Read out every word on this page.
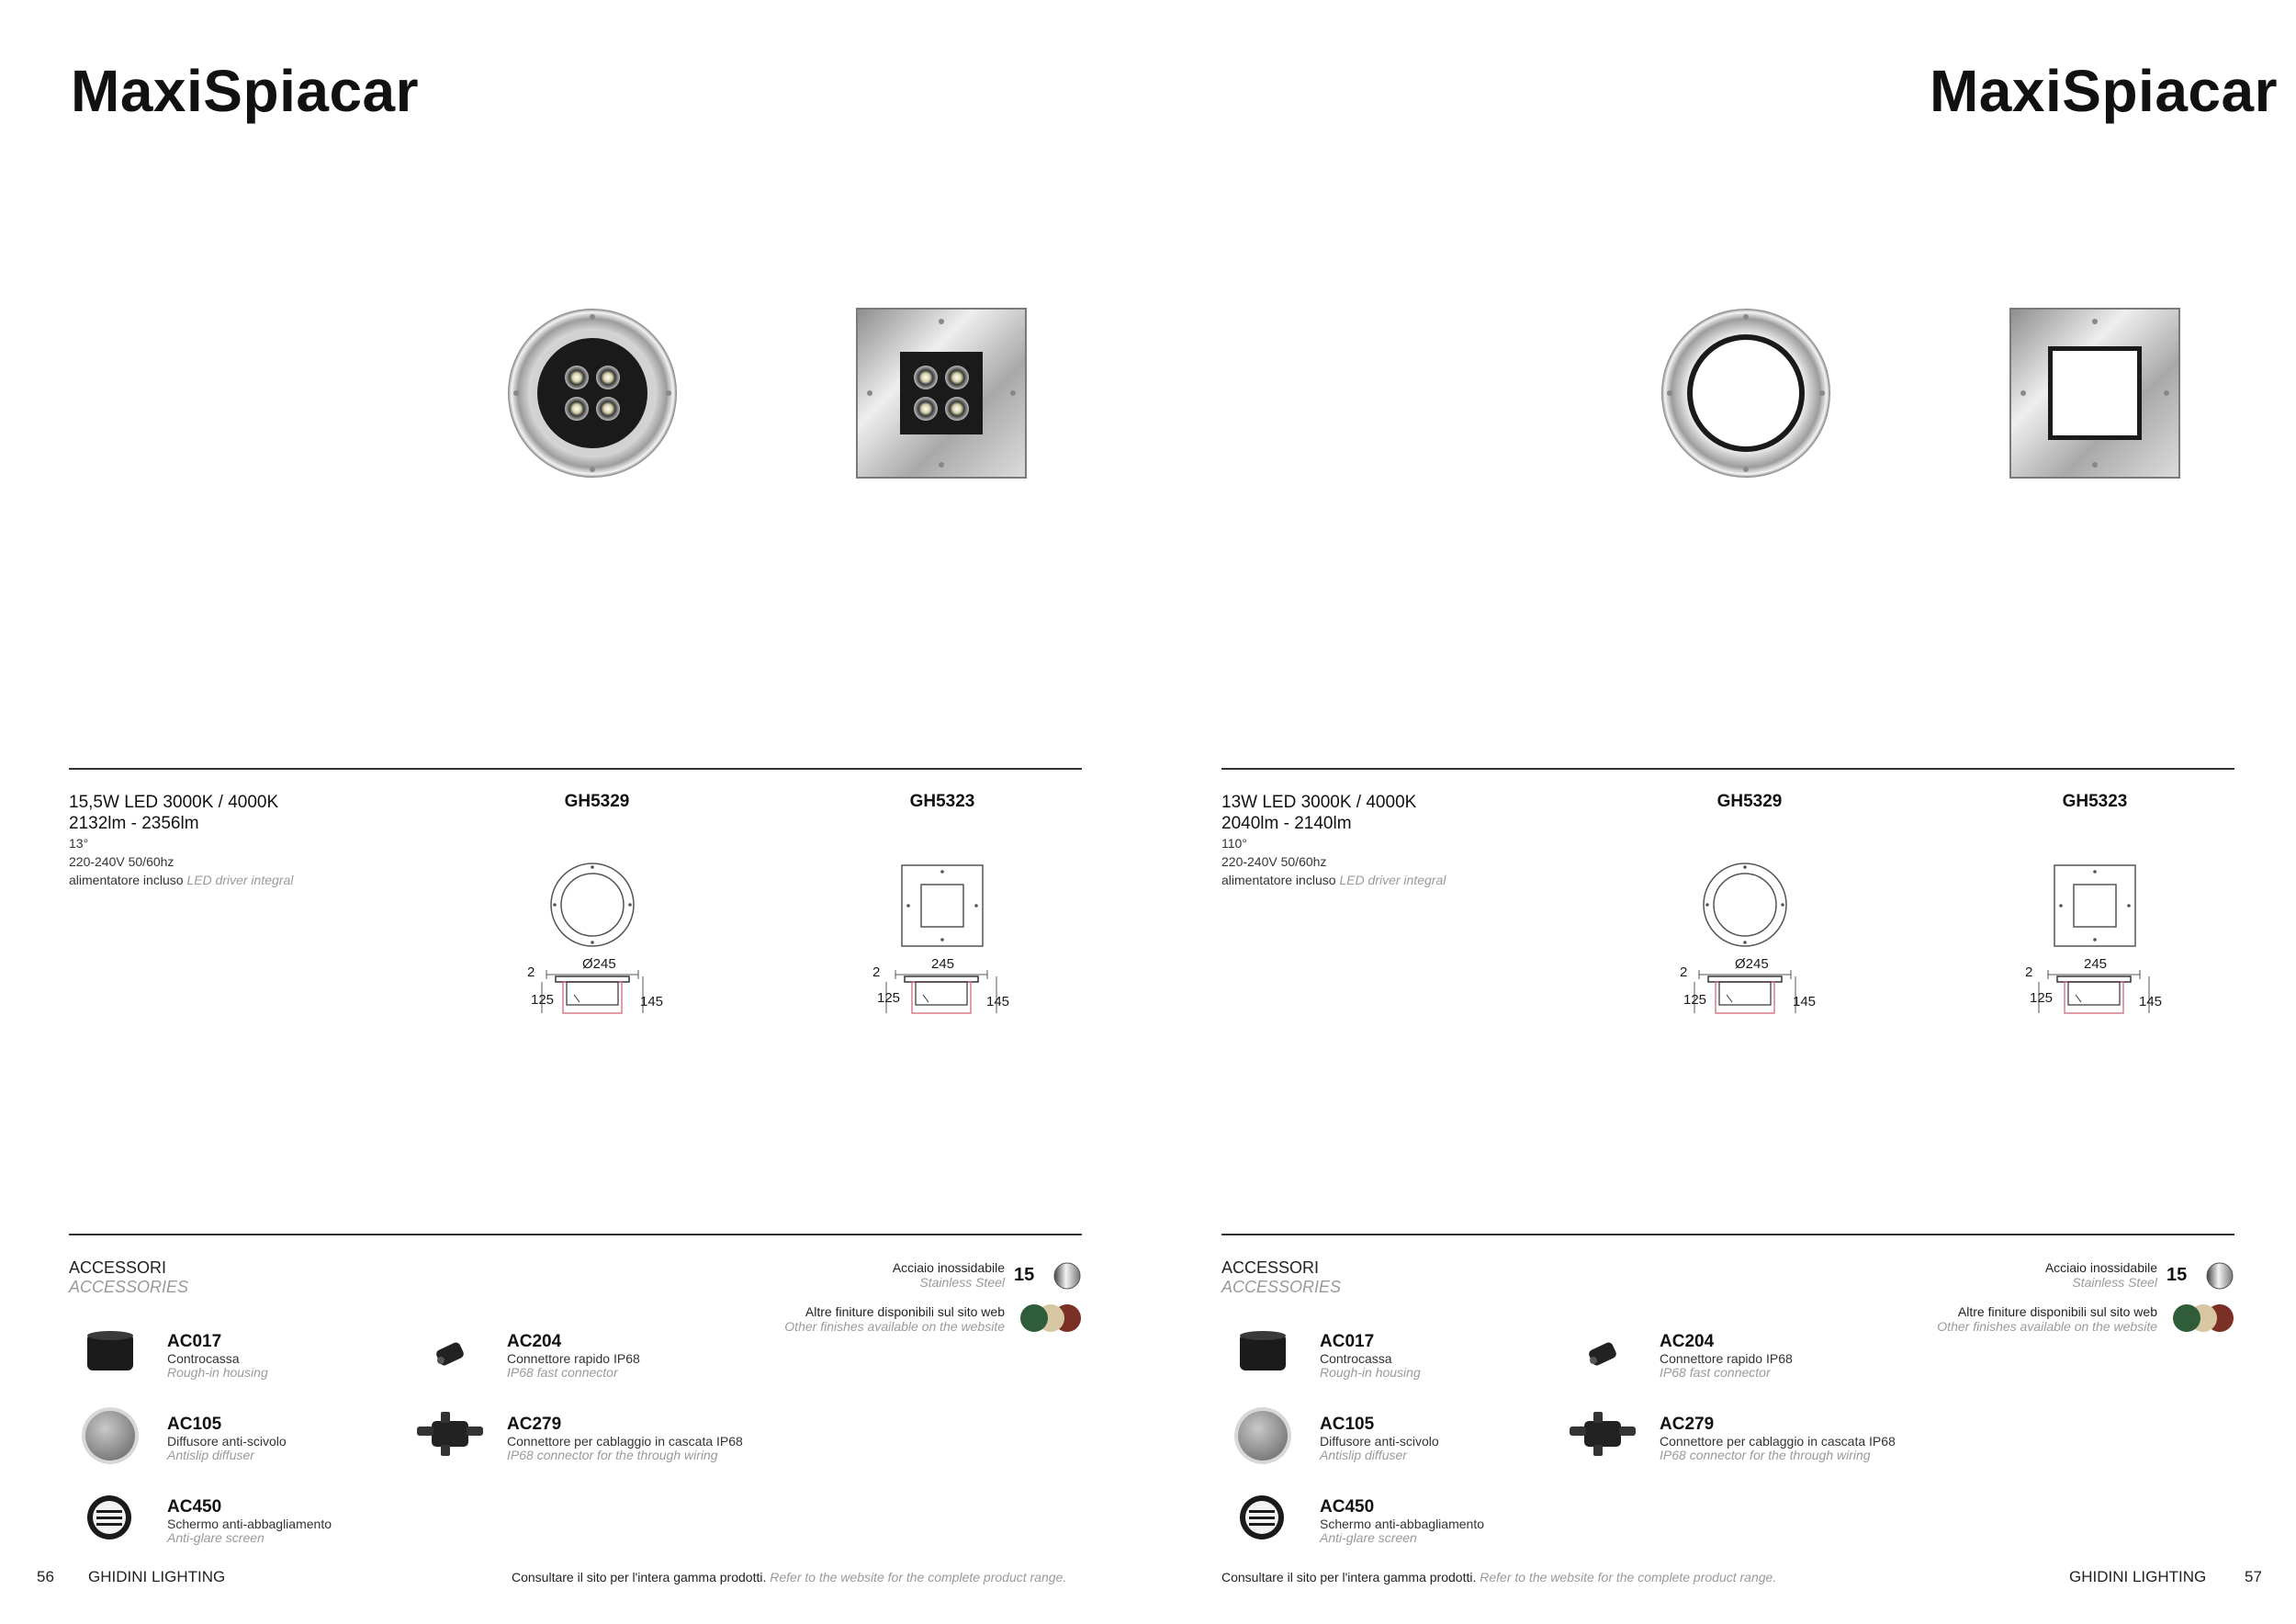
MaxiSpiacar
15,5W LED 3000K / 4000K
2132lm - 2356lm
13°
220-240V 50/60hz
alimentatore incluso LED driver integral
GH5329	GH5323
Ø245
2
125	145
245
2
125	145
ACCESSORI
ACCESSORIES
Acciaio inossidabile
Stainless Steel 15
Altre finiture disponibili sul sito web
Other finishes available on the website
AC017
Controcassa
Rough-in housing
AC105
Diffusore anti-scivolo
Antislip diffuser
AC450
Schermo anti-abbagliamento
Anti-glare screen
AC204
Connettore rapido IP68
IP68 fast connector
AC279
Connettore per cablaggio in cascata IP68
IP68 connector for the through wiring
56 GHIDINI LIGHTING	Consultare il sito per l'intera gamma prodotti. Refer to the website for the complete product range.
MaxiSpiacar
13W LED 3000K / 4000K
2040lm - 2140lm
110°
220-240V 50/60hz
alimentatore incluso LED driver integral
GH5329	GH5323
Ø245
2
125	145
245
2
125	145
ACCESSORI
ACCESSORIES
Acciaio inossidabile
Stainless Steel 15
Altre finiture disponibili sul sito web
Other finishes available on the website
AC017
Controcassa
Rough-in housing
AC105
Diffusore anti-scivolo
Antislip diffuser
AC450
Schermo anti-abbagliamento
Anti-glare screen
AC204
Connettore rapido IP68
IP68 fast connector
AC279
Connettore per cablaggio in cascata IP68
IP68 connector for the through wiring
Consultare il sito per l'intera gamma prodotti. Refer to the website for the complete product range.	GHIDINI LIGHTING 57
